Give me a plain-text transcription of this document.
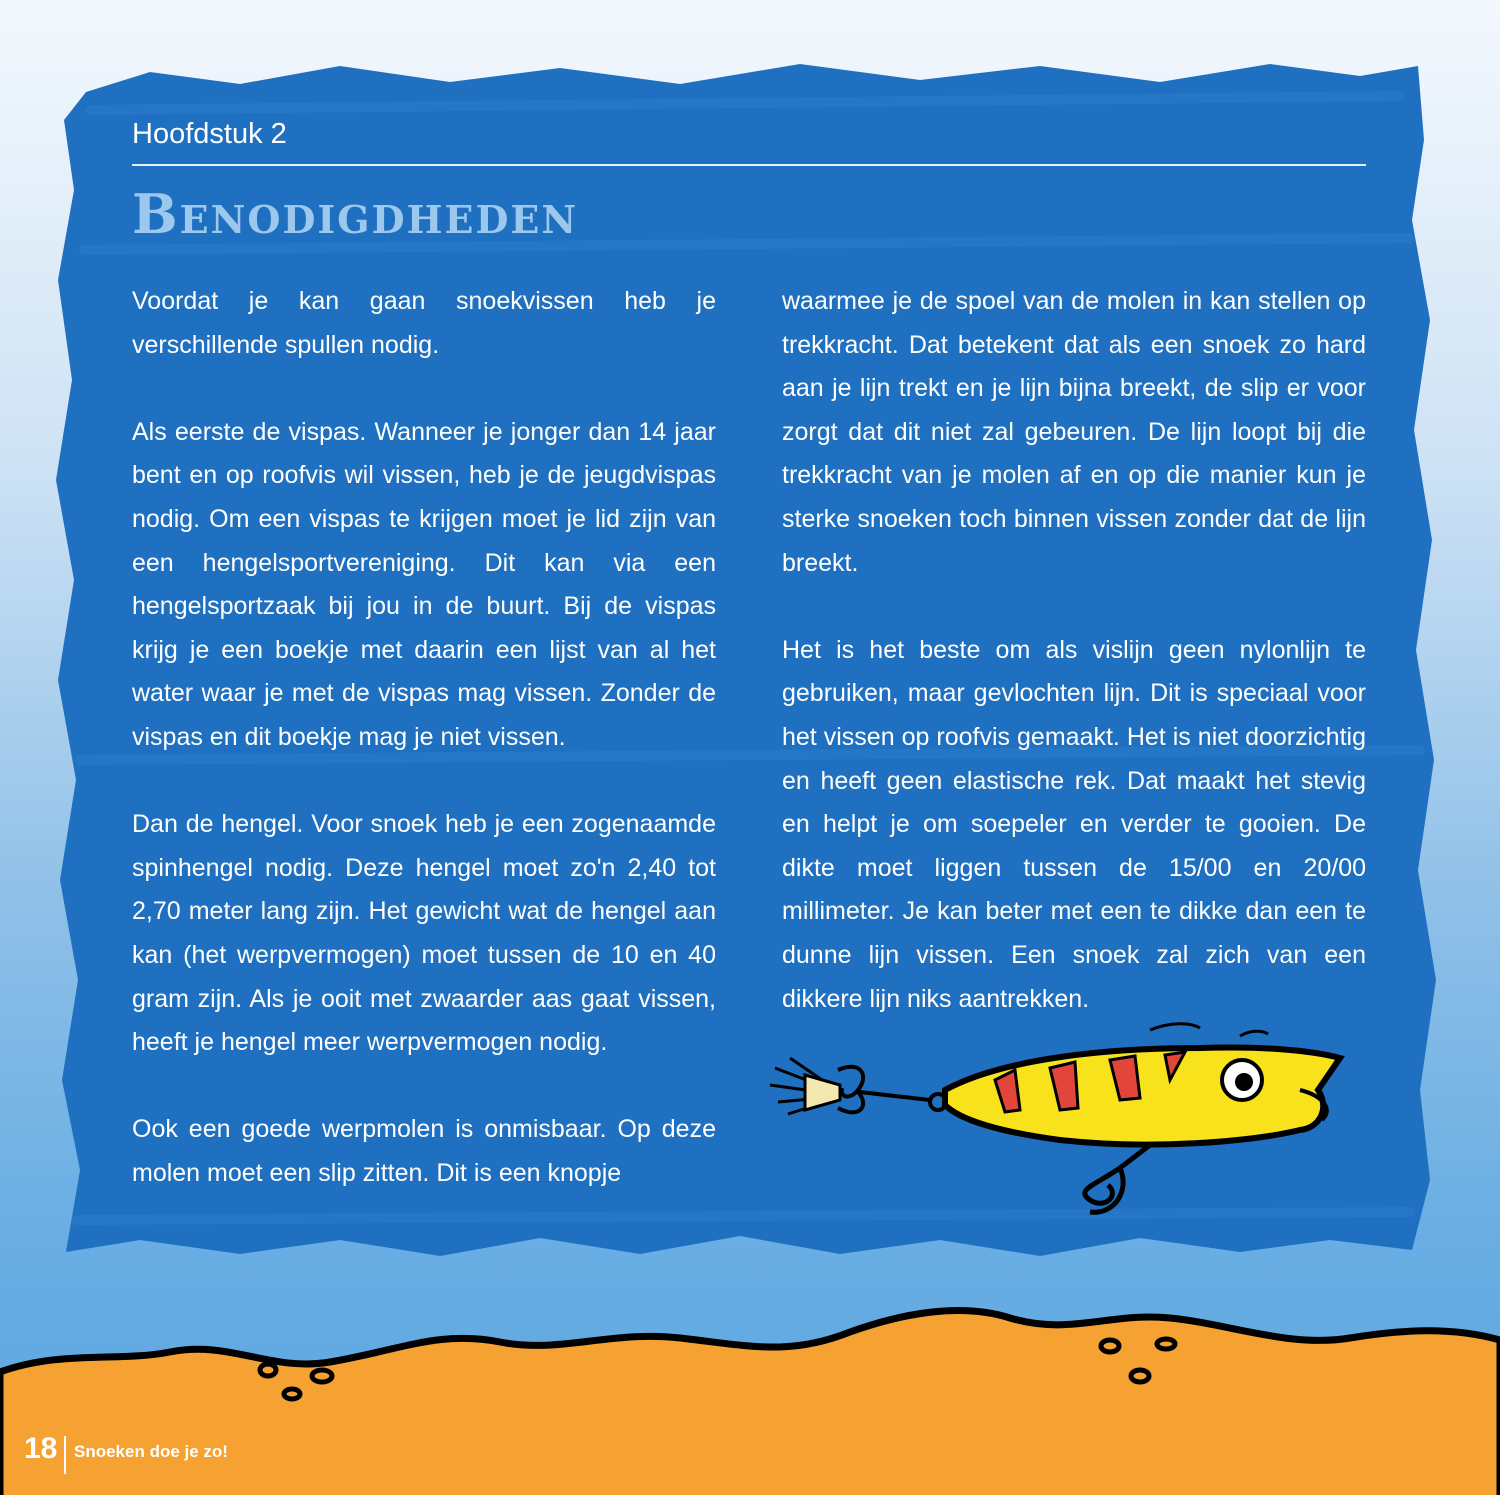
Hoofdstuk 2
Benodigdheden

Voordat je kan gaan snoekvissen heb je verschillende spullen nodig.

Als eerste de vispas. Wanneer je jonger dan 14 jaar bent en op roofvis wil vissen, heb je de jeugdvispas nodig. Om een vispas te krijgen moet je lid zijn van een hengelsportvereniging. Dit kan via een hengelsportzaak bij jou in de buurt. Bij de vispas krijg je een boekje met daarin een lijst van al het water waar je met de vispas mag vissen. Zonder de vispas en dit boekje mag je niet vissen.

Dan de hengel. Voor snoek heb je een zogenaamde spinhengel nodig. Deze hengel moet zo'n 2,40 tot 2,70 meter lang zijn. Het gewicht wat de hengel aan kan (het werpvermogen) moet tussen de 10 en 40 gram zijn. Als je ooit met zwaarder aas gaat vissen, heeft je hengel meer werpvermogen nodig.

Ook een goede werpmolen is onmisbaar. Op deze molen moet een slip zitten. Dit is een knopje

waarmee je de spoel van de molen in kan stellen op trekkracht. Dat betekent dat als een snoek zo hard aan je lijn trekt en je lijn bijna breekt, de slip er voor zorgt dat dit niet zal gebeuren. De lijn loopt bij die trekkracht van je molen af en op die manier kun je sterke snoeken toch binnen vissen zonder dat de lijn breekt.

Het is het beste om als vislijn geen nylonlijn te gebruiken, maar gevlochten lijn. Dit is speciaal voor het vissen op roofvis gemaakt. Het is niet doorzichtig en heeft geen elastische rek. Dat maakt het stevig en helpt je om soepeler en verder te gooien. De dikte moet liggen tussen de 15/00 en 20/00 millimeter. Je kan beter met een te dikke dan een te dunne lijn vissen. Een snoek zal zich van een dikkere lijn niks aantrekken.

18 Snoeken doe je zo!
